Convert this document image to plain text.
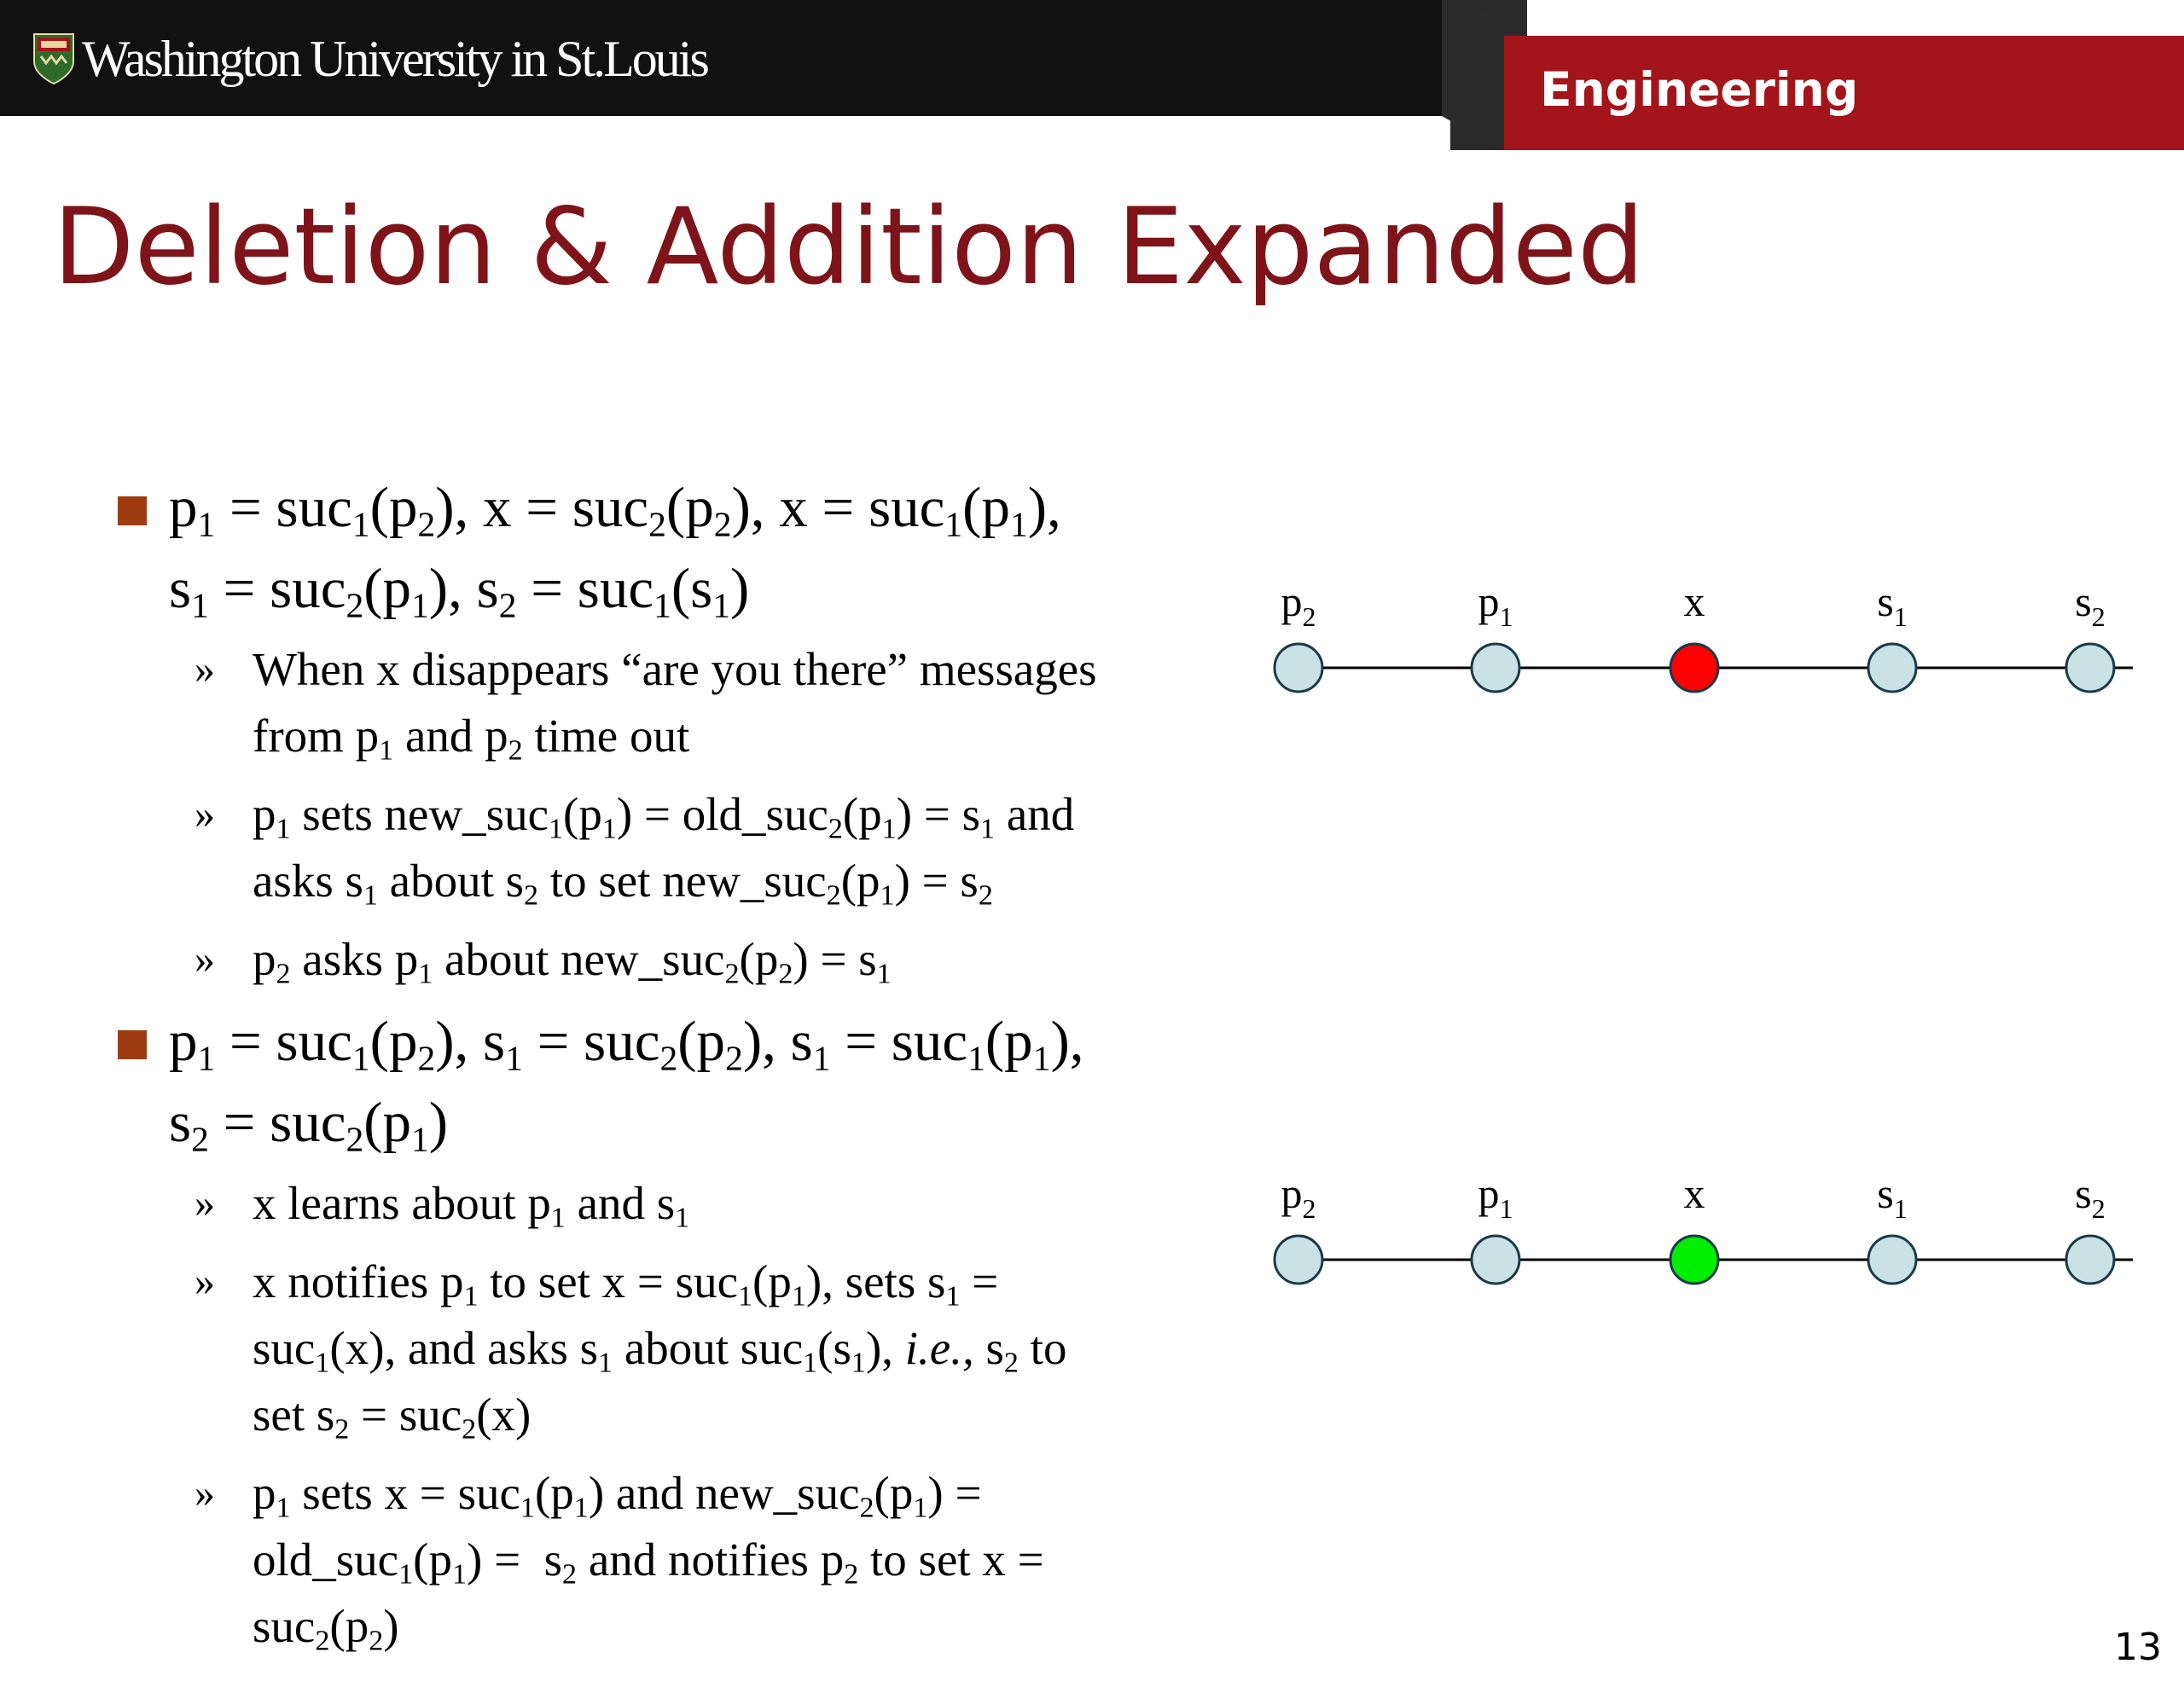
Washington University in St.Louis
Engineering
Deletion & Addition Expanded

$p_1 = suc_1(p_2)$, $x = suc_2(p_2)$, $x = suc_1(p_1)$,
$s_1 = suc_2(p_1)$, $s_2 = suc_1(s_1)$

» When x disappears “are you there” messages
from $p_1$ and $p_2$ time out

» $p_1$ sets $new\_suc_1(p_1)$ = $old\_suc_2(p_1) = s_1$ and
asks $s_1$ about $s_2$ to set $new\_suc_2(p_1) = s_2$

» $p_2$ asks $p_1$ about $new\_suc_2(p_2) = s_1$

$p_1 = suc_1(p_2)$, $s_1 = suc_2(p_2)$, $s_1 = suc_1(p_1)$,
$s_2 = suc_2(p_1)$

» x learns about $p_1$ and $s_1$

» x notifies $p_1$ to set $x = suc_1(p_1)$, sets $s_1$ =
suc$_1$(x), and asks $s_1$ about $suc_1(s_1)$, i.e., $s_2$ to
set $s_2 = suc_2(x)$

» $p_1$ sets $x = suc_1(p_1)$ and $new\_suc_2(p_1)$ =
$old\_suc_1(p_1) = s_2$ and notifies $p_2$ to set x =
$suc_2(p_2)$

$p_2$	$p_1$	x	$s_1$	$s_2$
$p_2$	$p_1$	x	$s_1$	$s_2$
13
